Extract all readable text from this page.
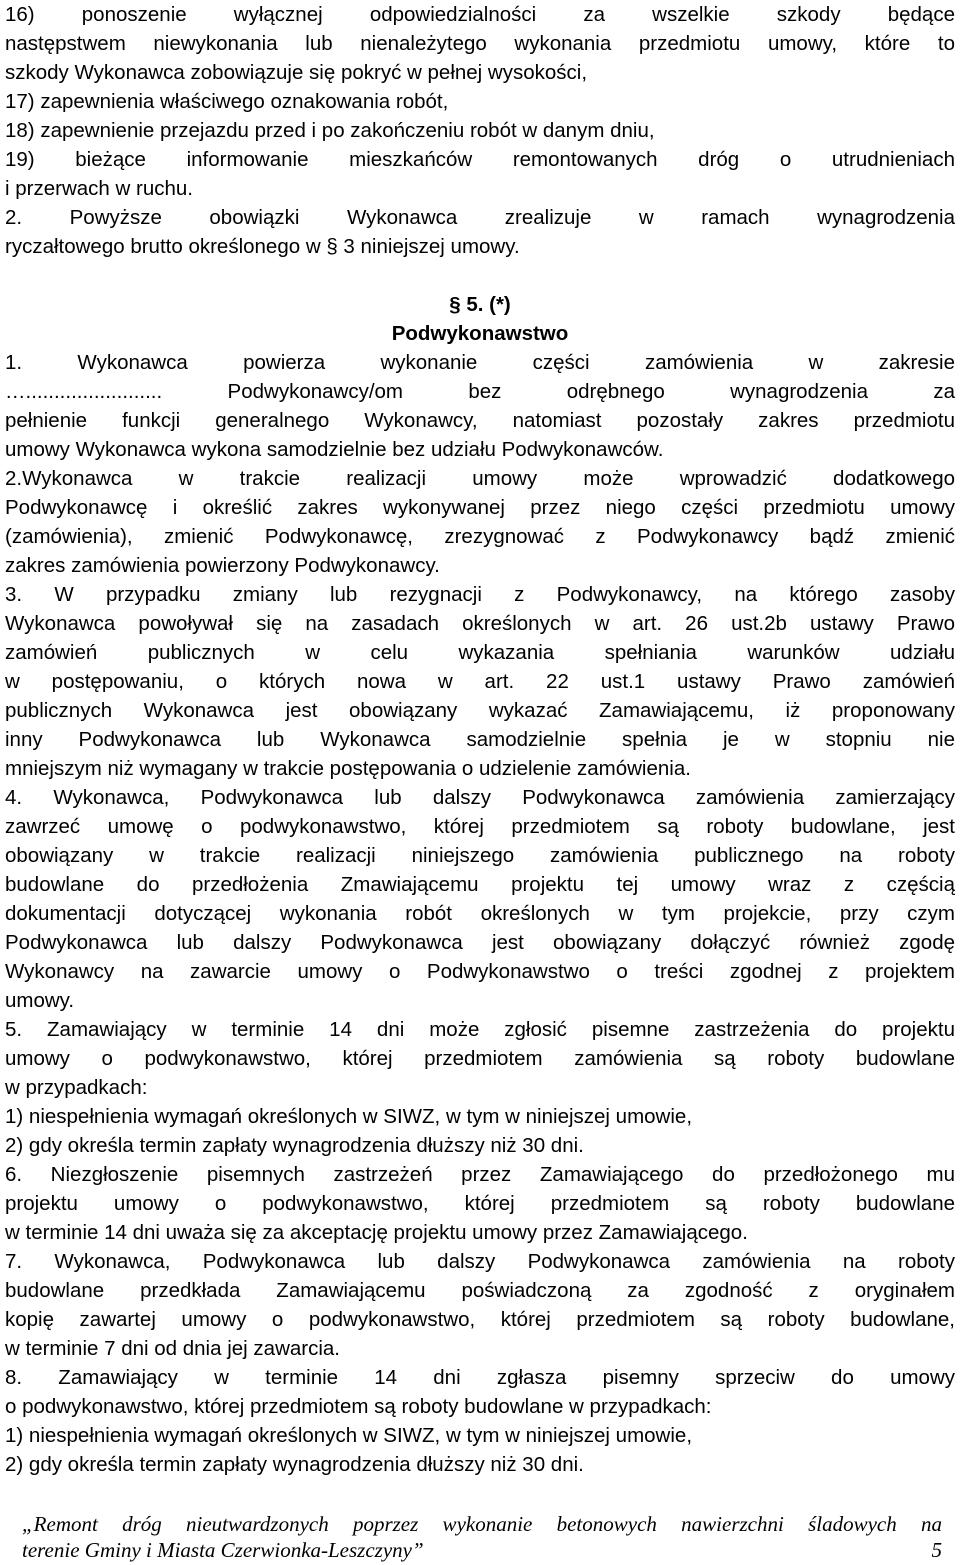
16) ponoszenie wyłącznej odpowiedzialności za wszelkie szkody będące
następstwem niewykonania lub nienależytego wykonania przedmiotu umowy, które to
szkody Wykonawca zobowiązuje się pokryć w pełnej wysokości,
17) zapewnienia właściwego oznakowania robót,
18) zapewnienie przejazdu przed i po zakończeniu robót w danym dniu,
19) bieżące informowanie mieszkańców remontowanych dróg o utrudnieniach
i przerwach w ruchu.
2. Powyższe obowiązki Wykonawca zrealizuje w ramach wynagrodzenia
ryczałtowego brutto określonego w § 3 niniejszej umowy.
§ 5. (*)
Podwykonawstwo
1. Wykonawca powierza wykonanie części zamówienia w zakresie
…........................ Podwykonawcy/om bez odrębnego wynagrodzenia za
pełnienie funkcji generalnego Wykonawcy, natomiast pozostały zakres przedmiotu
umowy Wykonawca wykona samodzielnie bez udziału Podwykonawców.
2.Wykonawca w trakcie realizacji umowy może wprowadzić dodatkowego
Podwykonawcę i określić zakres wykonywanej przez niego części przedmiotu umowy
(zamówienia), zmienić Podwykonawcę, zrezygnować z Podwykonawcy bądź zmienić
zakres zamówienia powierzony Podwykonawcy.
3. W przypadku zmiany lub rezygnacji z Podwykonawcy, na którego zasoby
Wykonawca powoływał się na zasadach określonych w art. 26 ust.2b ustawy Prawo
zamówień publicznych w celu wykazania spełniania warunków udziału
w postępowaniu, o których nowa w art. 22 ust.1 ustawy Prawo zamówień
publicznych Wykonawca jest obowiązany wykazać Zamawiającemu, iż proponowany
inny Podwykonawca lub Wykonawca samodzielnie spełnia je w stopniu nie
mniejszym niż wymagany w trakcie postępowania o udzielenie zamówienia.
4. Wykonawca, Podwykonawca lub dalszy Podwykonawca zamówienia zamierzający
zawrzeć umowę o podwykonawstwo, której przedmiotem są roboty budowlane, jest
obowiązany w trakcie realizacji niniejszego zamówienia publicznego na roboty
budowlane do przedłożenia Zmawiającemu projektu tej umowy wraz z częścią
dokumentacji dotyczącej wykonania robót określonych w tym projekcie, przy czym
Podwykonawca lub dalszy Podwykonawca jest obowiązany dołączyć również zgodę
Wykonawcy na zawarcie umowy o Podwykonawstwo o treści zgodnej z projektem
umowy.
5. Zamawiający w terminie 14 dni może zgłosić pisemne zastrzeżenia do projektu
umowy o podwykonawstwo, której przedmiotem zamówienia są roboty budowlane
w przypadkach:
1) niespełnienia wymagań określonych w SIWZ, w tym w niniejszej umowie,
2) gdy określa termin zapłaty wynagrodzenia dłuższy niż 30 dni.
6. Niezgłoszenie pisemnych zastrzeżeń przez Zamawiającego do przedłożonego mu
projektu umowy o podwykonawstwo, której przedmiotem są roboty budowlane
w terminie 14 dni uważa się za akceptację projektu umowy przez Zamawiającego.
7. Wykonawca, Podwykonawca lub dalszy Podwykonawca zamówienia na roboty
budowlane przedkłada Zamawiającemu poświadczoną za zgodność z oryginałem
kopię zawartej umowy o podwykonawstwo, której przedmiotem są roboty budowlane,
w terminie 7 dni od dnia jej zawarcia.
8. Zamawiający w terminie 14 dni zgłasza pisemny sprzeciw do umowy
o podwykonawstwo, której przedmiotem są roboty budowlane w przypadkach:
1) niespełnienia wymagań określonych w SIWZ, w tym w niniejszej umowie,
2) gdy określa termin zapłaty wynagrodzenia dłuższy niż 30 dni.
„Remont dróg nieutwardzonych poprzez wykonanie betonowych nawierzchni śladowych na
terenie Gminy i Miasta Czerwionka-Leszczyny”	5
